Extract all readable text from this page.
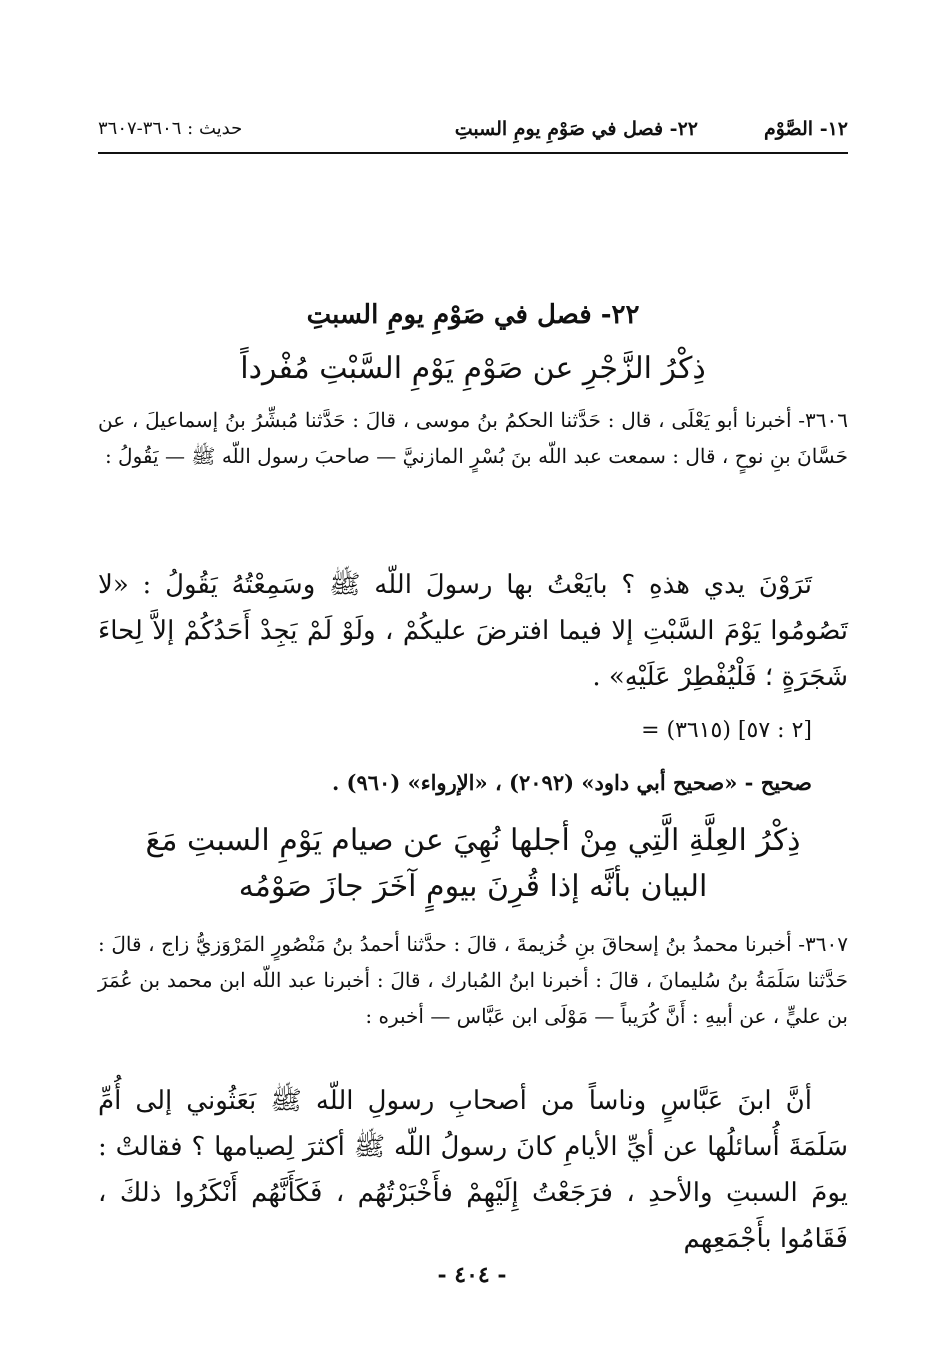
١٢- الصَّوْم
٢٢- فصل في صَوْمِ يومِ السبتِ
حديث : ٣٦٠٦-٣٦٠٧
٢٢- فصل في صَوْمِ يومِ السبتِ
ذِكْرُ الزَّجْرِ عن صَوْمِ يَوْمِ السَّبْتِ مُفْرداً

٣٦٠٦- أخبرنا أبو يَعْلَى ، قال : حَدَّثنا الحكمُ بنُ موسى ، قالَ : حَدَّثنا مُبشِّرُ بنُ إسماعيلَ ، عن حَسَّانَ بنِ نوحٍ ، قال : سمعت عبد اللّه بنَ بُسْرٍ المازنيَّ — صاحبَ رسول اللّه ﷺ — يَقُولُ :

تَرَوْنَ يدي هذهِ ؟ بايَعْتُ بها رسولَ اللّه ﷺ وسَمِعْتُهُ يَقُولُ : «لا تَصُومُوا يَوْمَ السَّبْتِ إلا فيما افترضَ عليكُمْ ، ولَوْ لَمْ يَجِدْ أَحَدُكُمْ إلاَّ لِحاءَ شَجَرَةٍ ؛ فَلْيُفْطِرْ عَلَيْهِ» .

= (٣٦١٥) [٢ : ٥٧]

صحيح - «صحيح أبي داود» (٢٠٩٢) ، «الإرواء» (٩٦٠) .

ذِكْرُ العِلَّةِ الَّتِي مِنْ أجلها نُهِيَ عن صيام يَوْمِ السبتِ مَعَ
البيان بأنَّه إذا قُرِنَ بيومٍ آخَرَ جازَ صَوْمُه

٣٦٠٧- أخبرنا محمدُ بنُ إسحاقَ بنِ خُزيمةَ ، قالَ : حدَّثنا أحمدُ بنُ مَنْصُورٍ المَرْوَزيُّ زاج ، قالَ : حَدَّثنا سَلَمَةُ بنُ سُليمانَ ، قالَ : أخبرنا ابنُ المُبارك ، قالَ : أخبرنا عبد اللّه ابن محمد بن عُمَرَ بن عليٍّ ، عن أبيهِ : أَنَّ كُرَيباً — مَوْلَى ابن عَبَّاس — أخبره :

أنَّ ابنَ عَبَّاسٍ وناساً من أصحابِ رسولِ اللّه ﷺ بَعَثُوني إلى أُمِّ سَلَمَةَ أُسائلُها عن أيِّ الأيامِ كانَ رسولُ اللّه ﷺ أكثرَ لِصيامها ؟ فقالتْ : يومَ السبتِ والأحدِ ، فرَجَعْتُ إِلَيْهِمْ فأَخْبَرْتُهُم ، فَكَأَنَّهُم أَنْكَرُوا ذلكَ ، فَقَامُوا بأَجْمَعِهم

- ٤٠٤ -
